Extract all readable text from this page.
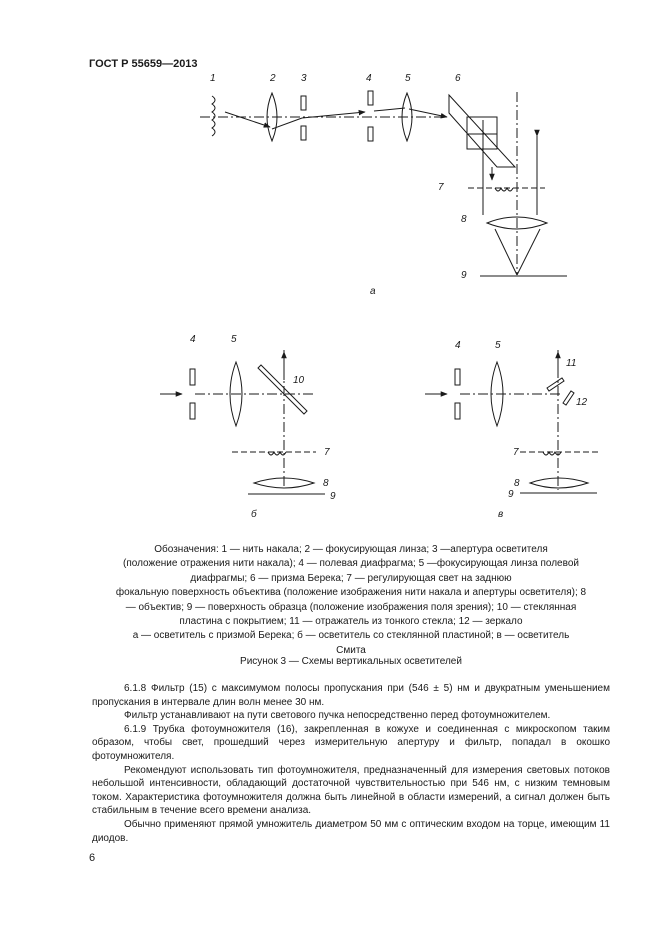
ГОСТ Р 55659—2013
1	2	3	4	5	6
7
8
9
а
4	5
10
7
8
9
б
4	5
11
12
7
8
9
в
Обозначения: 1 — нить накала; 2 — фокусирующая линза; 3 —апертура осветителя
(положение отражения нити накала); 4 — полевая диафрагма; 5 —фокусирующая линза полевой
диафрагмы; 6 — призма Берека; 7 — регулирующая свет на заднюю
фокальную поверхность объектива (положение изображения нити накала и апертуры осветителя); 8
— объектив; 9 — поверхность образца (положение изображения поля зрения); 10 — стеклянная
пластина с покрытием; 11 — отражатель из тонкого стекла; 12 — зеркало
а — осветитель с призмой Берека; б — осветитель со стеклянной пластиной; в — осветитель
Смита
Рисунок 3 — Схемы вертикальных осветителей

6.1.8 Фильтр (15) с максимумом полосы пропускания при (546 ± 5) нм и двукратным уменьшением пропускания в интервале длин волн менее 30 нм.

Фильтр устанавливают на пути светового пучка непосредственно перед фотоумножителем.

6.1.9 Трубка фотоумножителя (16), закрепленная в кожухе и соединенная с микроскопом таким образом, чтобы свет, прошедший через измерительную апертуру и фильтр, попадал в окошко фотоумножителя.

Рекомендуют использовать тип фотоумножителя, предназначенный для измерения световых потоков небольшой интенсивности, обладающий достаточной чувствительностью при 546 нм, с низким темновым током. Характеристика фотоумножителя должна быть линейной в области измерений, а сигнал должен быть стабильным в течение всего времени анализа.

Обычно применяют прямой умножитель диаметром 50 мм с оптическим входом на торце, имеющим 11 диодов.

6
